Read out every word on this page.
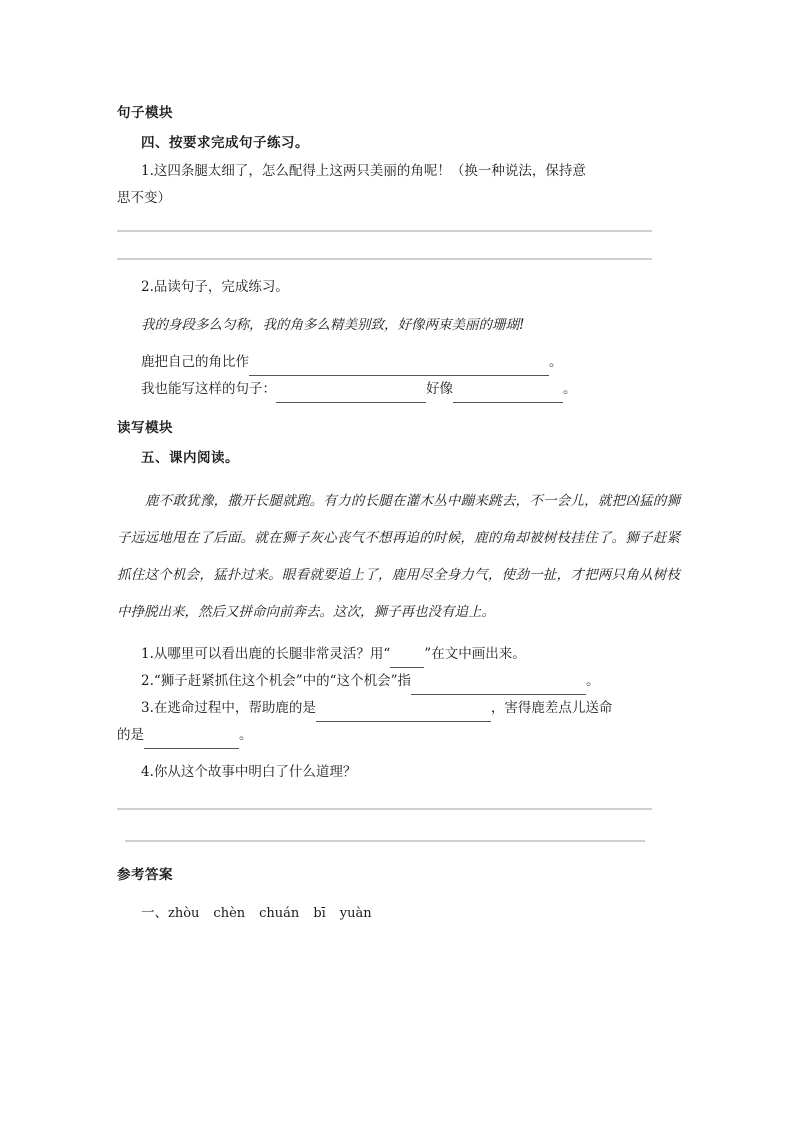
句子模块
四、按要求完成句子练习。
1.这四条腿太细了，怎么配得上这两只美丽的角呢！（换一种说法，保持意
思不变）
2.品读句子，完成练习。
我的身段多么匀称，我的角多么精美别致，好像两束美丽的珊瑚!
鹿把自己的角比作	。
我也能写这样的句子：	好像	。
读写模块
五、课内阅读。
鹿不敢犹豫，撒开长腿就跑。有力的长腿在灌木丛中蹦来跳去，不一会儿，就把凶猛的狮子远远地甩在了后面。就在狮子灰心丧气不想再追的时候，鹿的角却被树枝挂住了。狮子赶紧抓住这个机会，猛扑过来。眼看就要追上了，鹿用尽全身力气，使劲一扯，才把两只角从树枝中挣脱出来，然后又拼命向前奔去。这次，狮子再也没有追上。
1.从哪里可以看出鹿的长腿非常灵活？用“	”在文中画出来。
2.“狮子赶紧抓住这个机会”中的“这个机会”指	。
3.在逃命过程中，帮助鹿的是	，害得鹿差点儿送命
的是	。
4.你从这个故事中明白了什么道理？
参考答案
一、zhòu chèn chuán bī yuàn
